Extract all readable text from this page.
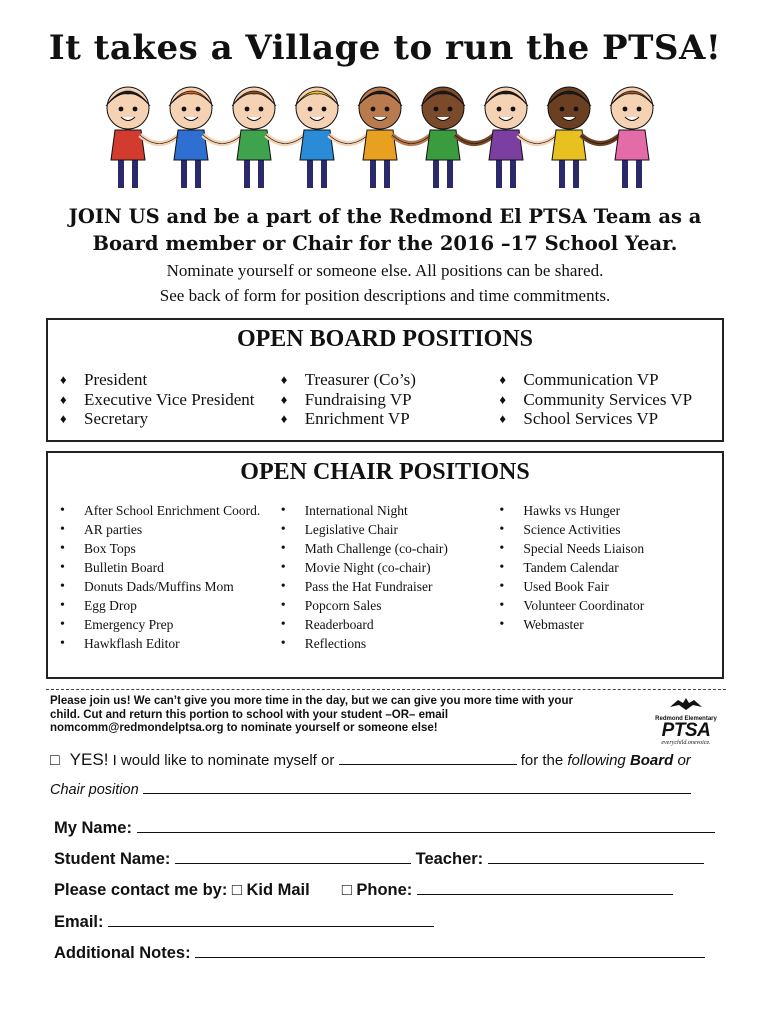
It takes a Village to run the PTSA!
JOIN US and be a part of the Redmond El PTSA Team as a
Board member or Chair for the 2016 –17 School Year.
Nominate yourself or someone else. All positions can be shared.
See back of form for position descriptions and time commitments.
OPEN BOARD POSITIONS
♦ President
♦ Executive Vice President
♦ Secretary
♦ Treasurer (Co’s)
♦ Fundraising VP
♦ Enrichment VP
♦ Communication VP
♦ Community Services VP
♦ School Services VP
OPEN CHAIR POSITIONS
• After School Enrichment Coord.
• AR parties
• Box Tops
• Bulletin Board
• Donuts Dads/Muffins Mom
• Egg Drop
• Emergency Prep
• Hawkflash Editor
• International Night
• Legislative Chair
• Math Challenge (co-chair)
• Movie Night (co-chair)
• Pass the Hat Fundraiser
• Popcorn Sales
• Readerboard
• Reflections
• Hawks vs Hunger
• Science Activities
• Special Needs Liaison
• Tandem Calendar
• Used Book Fair
• Volunteer Coordinator
• Webmaster
Please join us! We can’t give you more time in the day, but we can give you more time with your
child. Cut and return this portion to school with your student –OR– email
nomcomm@redmondelptsa.org to nominate yourself or someone else!
Redmond Elementary
PTSA
everychild.onevoice.
□ YES! I would like to nominate myself or	for the following Board or
Chair position
My Name:
Student Name:	Teacher:
Please contact me by: □ Kid Mail □ Phone:
Email:
Additional Notes:
